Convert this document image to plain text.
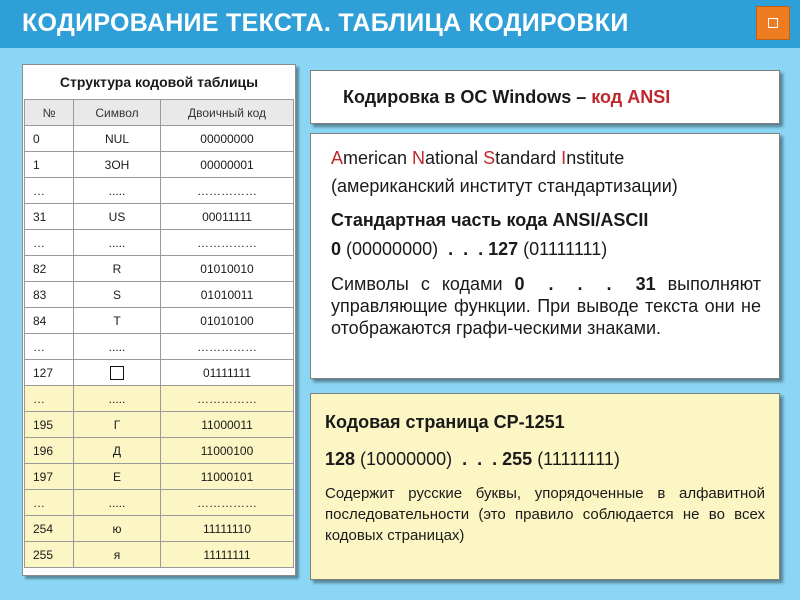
КОДИРОВАНИЕ ТЕКСТА. ТАБЛИЦА КОДИРОВКИ
Структура кодовой таблицы
№	Символ	Двоичный код
0	NUL	00000000
1	3OH	00000001
…	.....	……………
31	US	00011111
…	.....	……………
82	R	01010010
83	S	01010011
84	T	01010100
…	.....	……………
127		01111111
…	.....	……………
195	Г	11000011
196	Д	11000100
197	Е	11000101
…	.....	……………
254	ю	11111110
255	я	11111111
Кодировка в ОС Windows – код ANSI
American National Standard Institute
(американский институт стандартизации)
Стандартная часть кода ANSI/ASCII
0 (00000000)  .  .  . 127 (01111111)
Символы с кодами 0  .  .  .  31 выполняют управляющие функции. При выводе текста они не отображаются графи-ческими знаками.
Кодовая страница СР-1251
128 (10000000)  .  .  . 255 (11111111)
Содержит русские буквы, упорядоченные в алфавитной последовательности (это правило соблюдается не во всех кодовых страницах)
